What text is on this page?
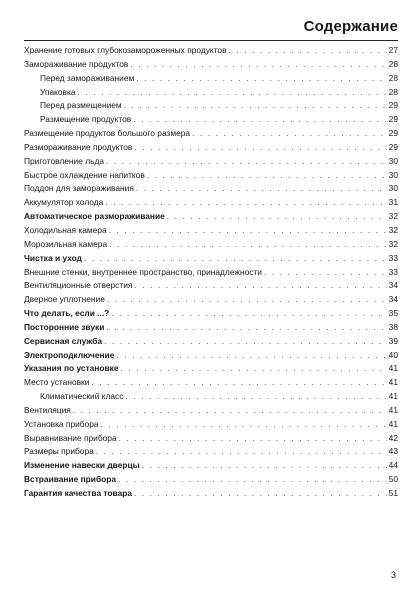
Содержание
Хранение готовых глубокозамороженных продуктов . . .	27
Замораживание продуктов . . .	28
Перед замораживанием . . .	28
Упаковка . . .	28
Перед размещением . . .	29
Размещение продуктов . . .	29
Размещение продуктов большого размера . . .	29
Размораживание продуктов . . .	29
Приготовление льда . . .	30
Быстрое охлаждение напитков . . .	30
Поддон для замораживания . . .	30
Аккумулятор холода . . .	31
Автоматическое размораживание . . .	32
Холодильная камера . . .	32
Морозильная камера . . .	32
Чистка и уход . . .	33
Внешние стенки, внутреннее пространство, принадлежности . . .	33
Вентиляционные отверстия . . .	34
Дверное уплотнение . . .	34
Что делать, если ...? . . .	35
Посторонние звуки . . .	38
Сервисная служба . . .	39
Электроподключение . . .	40
Указания по установке . . .	41
Место установки . . .	41
Климатический класс . . .	41
Вентиляция . . .	41
Установка прибора . . .	41
Выравнивание прибора . . .	42
Размеры прибора . . .	43
Изменение навески дверцы . . .	44
Встраивание прибора . . .	50
Гарантия качества товара . . .	51
3
